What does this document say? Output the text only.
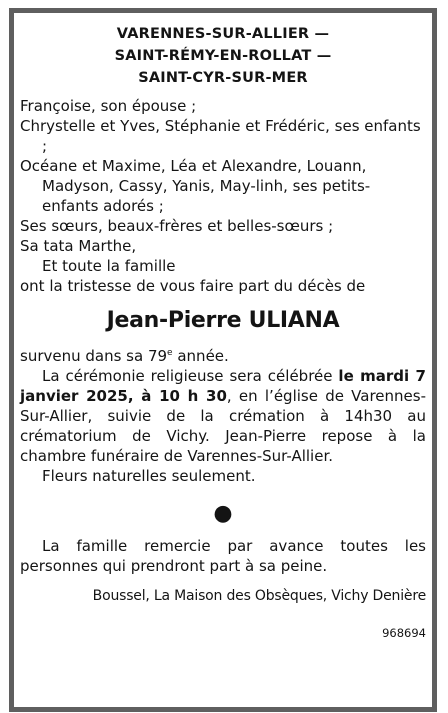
VARENNES-SUR-ALLIER —
SAINT-RÉMY-EN-ROLLAT —
SAINT-CYR-SUR-MER

Françoise, son épouse ;

Chrystelle et Yves, Stéphanie et Frédéric, ses enfants ;

Océane et Maxime, Léa et Alexandre, Louann, Madyson, Cassy, Yanis, May-linh, ses petits-enfants adorés ;

Ses sœurs, beaux-frères et belles-sœurs ;

Sa tata Marthe,

Et toute la famille

ont la tristesse de vous faire part du décès de

Jean-Pierre ULIANA

survenu dans sa 79e année.

La cérémonie religieuse sera célébrée le mardi 7 janvier 2025, à 10 h 30, en l’église de Varennes-Sur-Allier, suivie de la crémation à 14h30 au crématorium de Vichy. Jean-Pierre repose à la chambre funéraire de Varennes-Sur-Allier.

Fleurs naturelles seulement.

●

La famille remercie par avance toutes les personnes qui prendront part à sa peine.

Boussel, La Maison des Obsèques, Vichy Denière
968694
